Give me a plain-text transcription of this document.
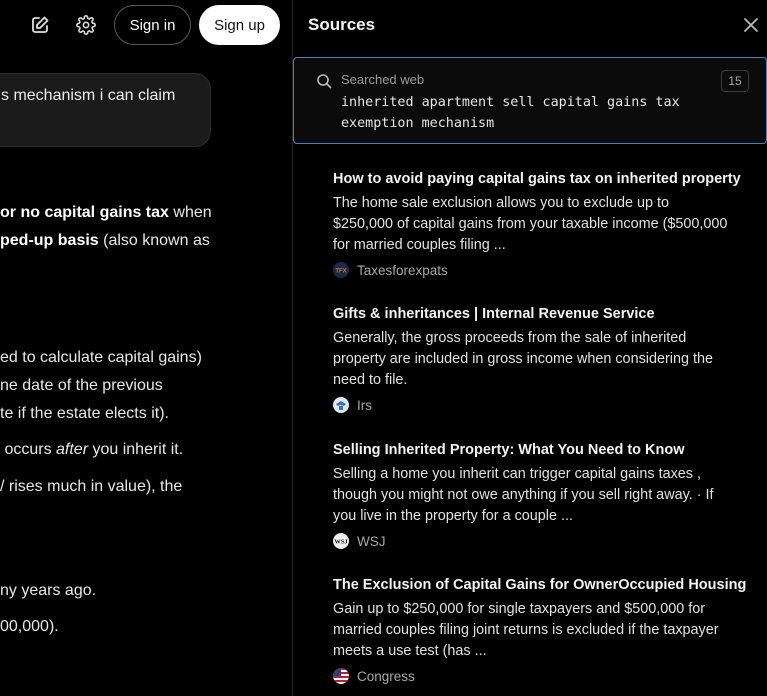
Sign in	Sign up
s mechanism i can claim
or no capital gains tax when
ped-up basis (also known as
ed to calculate capital gains)
ne date of the previous
te if the estate elects it).
occurs after you inherit it.
/ rises much in value), the
ny years ago.
00,000).
Sources
Searched web
inherited apartment sell capital gains tax exemption mechanism
15
How to avoid paying capital gains tax on inherited property
The home sale exclusion allows you to exclude up to $250,000 of capital gains from your taxable income ($500,000 for married couples filing ...
TFX Taxesforexpats
Gifts & inheritances | Internal Revenue Service
Generally, the gross proceeds from the sale of inherited property are included in gross income when considering the need to file.
Irs
Selling Inherited Property: What You Need to Know
Selling a home you inherit can trigger capital gains taxes , though you might not owe anything if you sell right away. · If you live in the property for a couple ...
WSJ WSJ
The Exclusion of Capital Gains for OwnerOccupied Housing
Gain up to $250,000 for single taxpayers and $500,000 for married couples filing joint returns is excluded if the taxpayer meets a use test (has ...
Congress
